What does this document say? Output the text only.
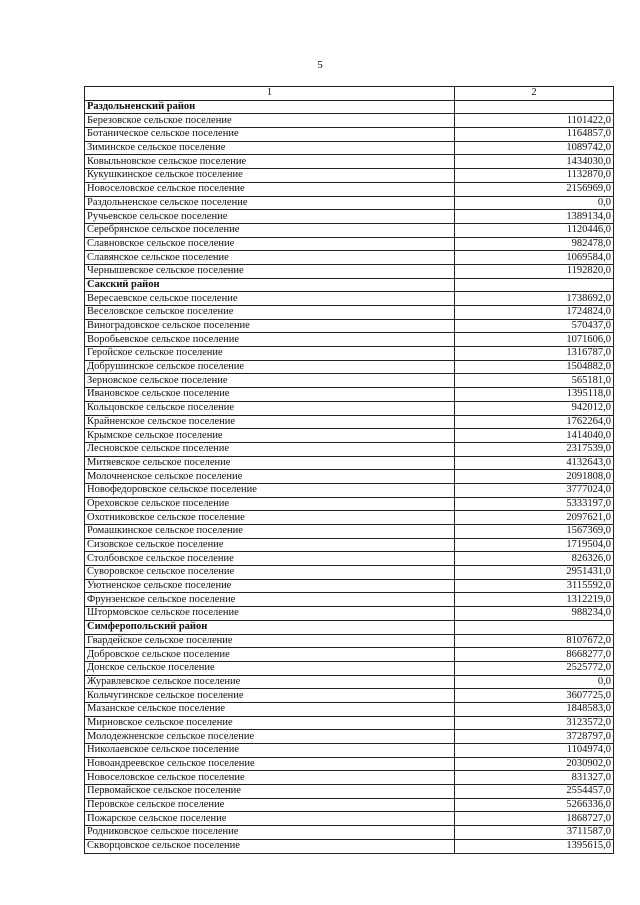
5
1	2
Раздольненский район	
Березовское сельское поселение	1101422,0
Ботаническое сельское поселение	1164857,0
Зиминское сельское поселение	1089742,0
Ковыльновское сельское поселение	1434030,0
Кукушкинское сельское поселение	1132870,0
Новоселовское сельское поселение	2156969,0
Раздольненское сельское поселение	0,0
Ручьевское сельское поселение	1389134,0
Серебрянское сельское поселение	1120446,0
Славновское сельское поселение	982478,0
Славянское сельское поселение	1069584,0
Чернышевское сельское поселение	1192820,0
Сакский район	
Вересаевское сельское поселение	1738692,0
Веселовское сельское поселение	1724824,0
Виноградовское сельское поселение	570437,0
Воробьевское сельское поселение	1071606,0
Геройское сельское поселение	1316787,0
Добрушинское сельское поселение	1504882,0
Зерновское сельское поселение	565181,0
Ивановское сельское поселение	1395118,0
Кольцовское сельское поселение	942012,0
Крайненское сельское поселение	1762264,0
Крымское сельское поселение	1414040,0
Лесновское сельское поселение	2317539,0
Митяевское сельское поселение	4132643,0
Молочненское сельское поселение	2091808,0
Новофедоровское сельское поселение	3777024,0
Ореховское сельское поселение	5333197,0
Охотниковское сельское поселение	2097621,0
Ромашкинское сельское поселение	1567369,0
Сизовское сельское поселение	1719504,0
Столбовское сельское поселение	826326,0
Суворовское сельское поселение	2951431,0
Уютненское сельское поселение	3115592,0
Фрунзенское сельское поселение	1312219,0
Штормовское сельское поселение	988234,0
Симферопольский район	
Гвардейское сельское поселение	8107672,0
Добровское сельское поселение	8668277,0
Донское сельское поселение	2525772,0
Журавлевское сельское поселение	0,0
Кольчугинское сельское поселение	3607725,0
Мазанское сельское поселение	1848583,0
Мирновское сельское поселение	3123572,0
Молодежненское сельское поселение	3728797,0
Николаевское сельское поселение	1104974,0
Новоандреевское сельское поселение	2030902,0
Новоселовское сельское поселение	831327,0
Первомайское сельское поселение	2554457,0
Перовское сельское поселение	5266336,0
Пожарское сельское поселение	1868727,0
Родниковское сельское поселение	3711587,0
Скворцовское сельское поселение	1395615,0
